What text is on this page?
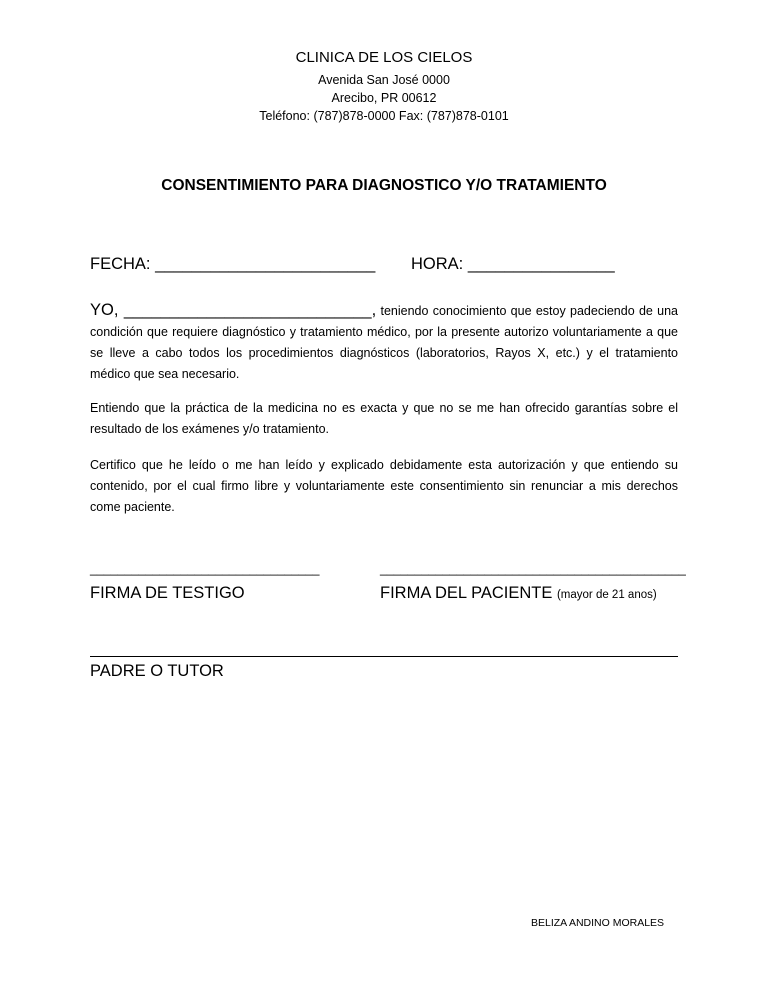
CLINICA DE LOS CIELOS
Avenida San José 0000
Arecibo, PR 00612
Teléfono: (787)878-0000 Fax: (787)878-0101
CONSENTIMIENTO PARA DIAGNOSTICO Y/O TRATAMIENTO
FECHA: ________________________ HORA: ________________
YO, ___________________________, teniendo conocimiento que estoy padeciendo de una condición que requiere diagnóstico y tratamiento médico, por la presente autorizo voluntariamente a que se lleve a cabo todos los procedimientos diagnósticos (laboratorios, Rayos X, etc.) y el tratamiento médico que sea necesario.
Entiendo que la práctica de la medicina no es exacta y que no se me han ofrecido garantías sobre el resultado de los exámenes y/o tratamiento.
Certifico que he leído o me han leído y explicado debidamente esta autorización y que entiendo su contenido, por el cual firmo libre y voluntariamente este consentimiento sin renunciar a mis derechos come paciente.
_________________________________	____________________________________________
FIRMA DE TESTIGO	FIRMA DEL PACIENTE (mayor de 21 anos)
PADRE O TUTOR
BELIZA ANDINO MORALES
